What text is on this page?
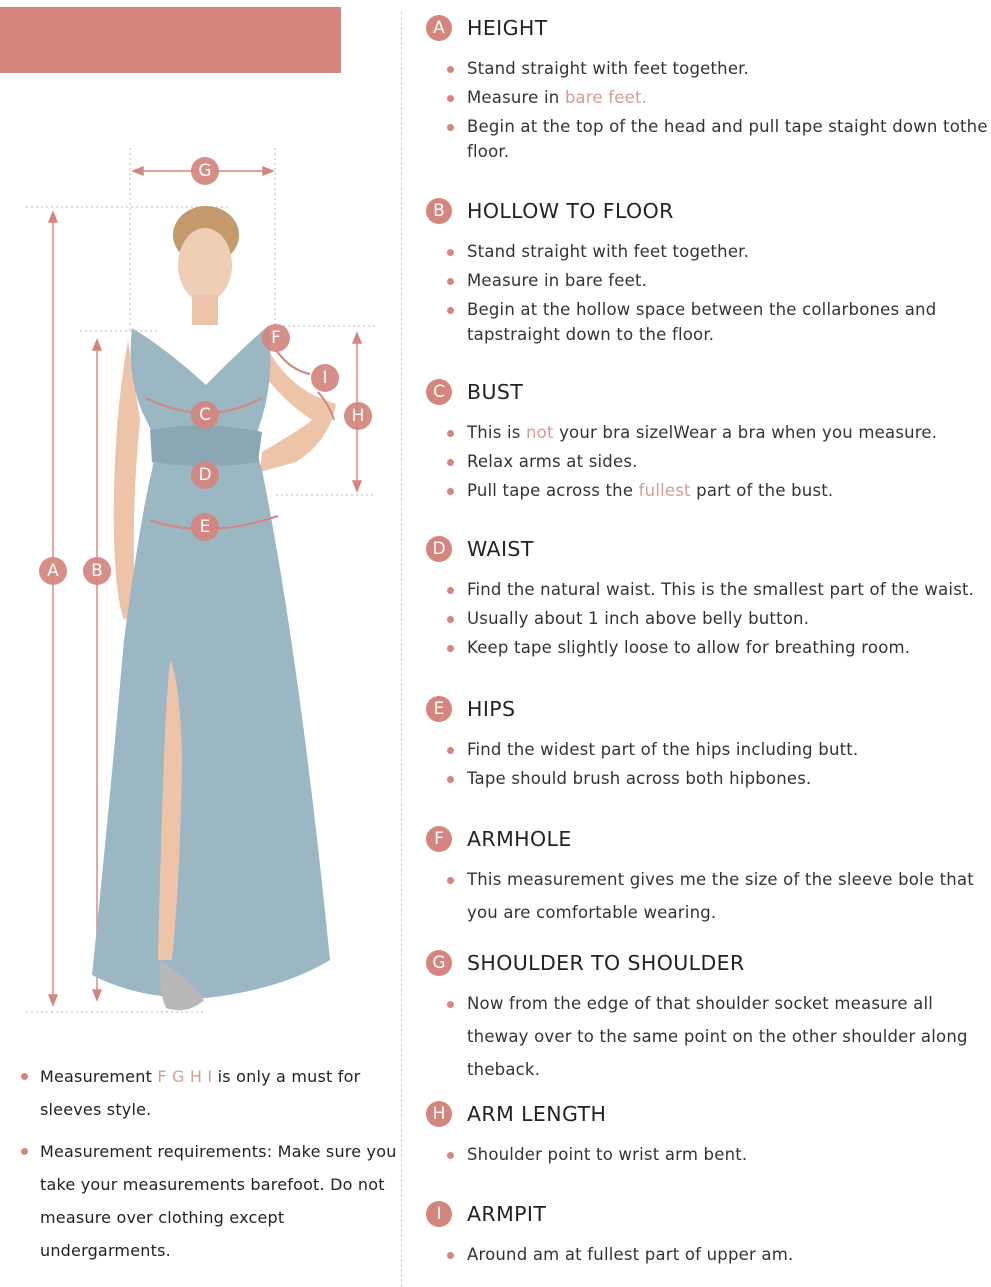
G
F
I
H
C
D
E
A	B
Measurement F G H I is only a must for sleeves style.
Measurement requirements: Make sure you take your measurements barefoot. Do not measure over clothing except undergarments.
A	HEIGHT
Stand straight with feet together.
Measure in bare feet.
Begin at the top of the head and pull tape staight down tothe floor.
B	HOLLOW TO FLOOR
Stand straight with feet together.
Measure in bare feet.
Begin at the hollow space between the collarbones and tapstraight down to the floor.
C	BUST
This is not your bra sizelWear a bra when you measure.
Relax arms at sides.
Pull tape across the fullest part of the bust.
D	WAIST
Find the natural waist. This is the smallest part of the waist.
Usually about 1 inch above belly button.
Keep tape slightly loose to allow for breathing room.
E	HIPS
Find the widest part of the hips including butt.
Tape should brush across both hipbones.
F	ARMHOLE
This measurement gives me the size of the sleeve bole that you are comfortable wearing.
G	SHOULDER TO SHOULDER
Now from the edge of that shoulder socket measure all theway over to the same point on the other shoulder along theback.
H	ARM LENGTH
Shoulder point to wrist arm bent.
I	ARMPIT
Around am at fullest part of upper am.
